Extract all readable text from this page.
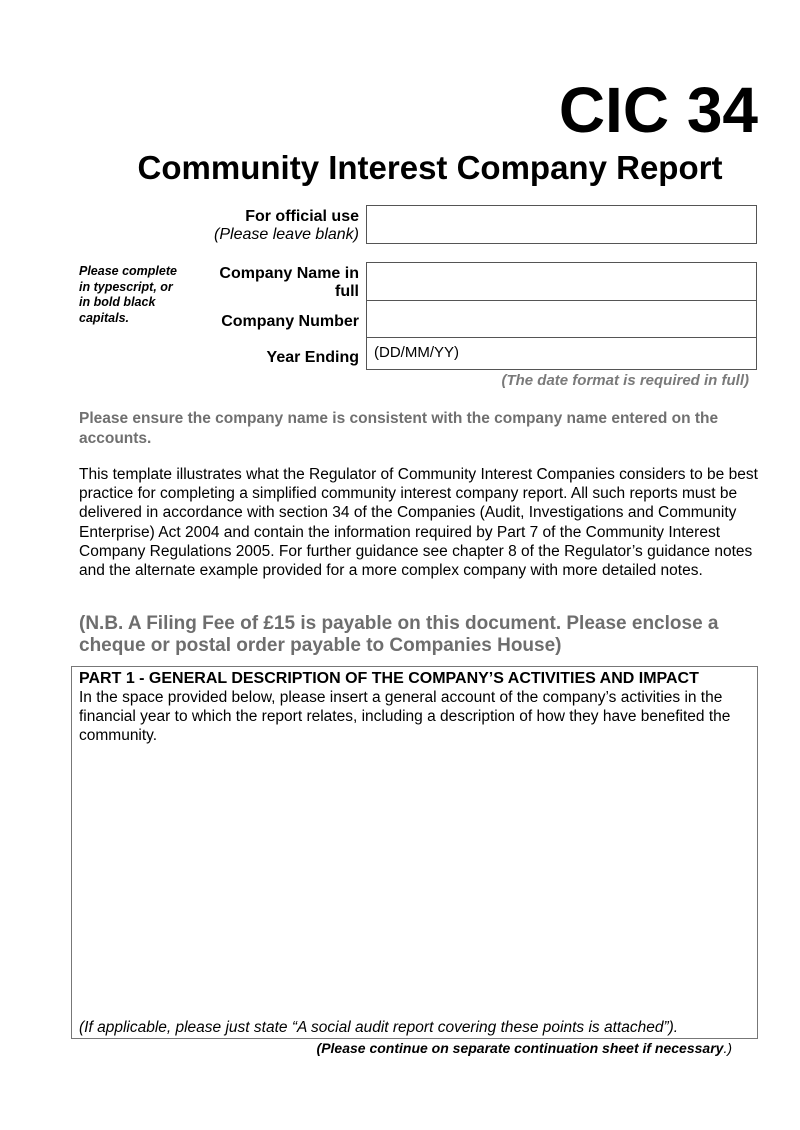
CIC 34
Community Interest Company Report
For official use
(Please leave blank)
Please complete in typescript, or in bold black capitals.
Company Name in full
Company Number
Year Ending (DD/MM/YY)
(The date format is required in full)
Please ensure the company name is consistent with the company name entered on the accounts.
This template illustrates what the Regulator of Community Interest Companies considers to be best practice for completing a simplified community interest company report. All such reports must be delivered in accordance with section 34 of the Companies (Audit, Investigations and Community Enterprise) Act 2004 and contain the information required by Part 7 of the Community Interest Company Regulations 2005. For further guidance see chapter 8 of the Regulator’s guidance notes and the alternate example provided for a more complex company with more detailed notes.
(N.B. A Filing Fee of £15 is payable on this document. Please enclose a cheque or postal order payable to Companies House)
PART 1 - GENERAL DESCRIPTION OF THE COMPANY’S ACTIVITIES AND IMPACT
In the space provided below, please insert a general account of the company’s activities in the financial year to which the report relates, including a description of how they have benefited the community.
(If applicable, please just state “A social audit report covering these points is attached”).
(Please continue on separate continuation sheet if necessary.)
